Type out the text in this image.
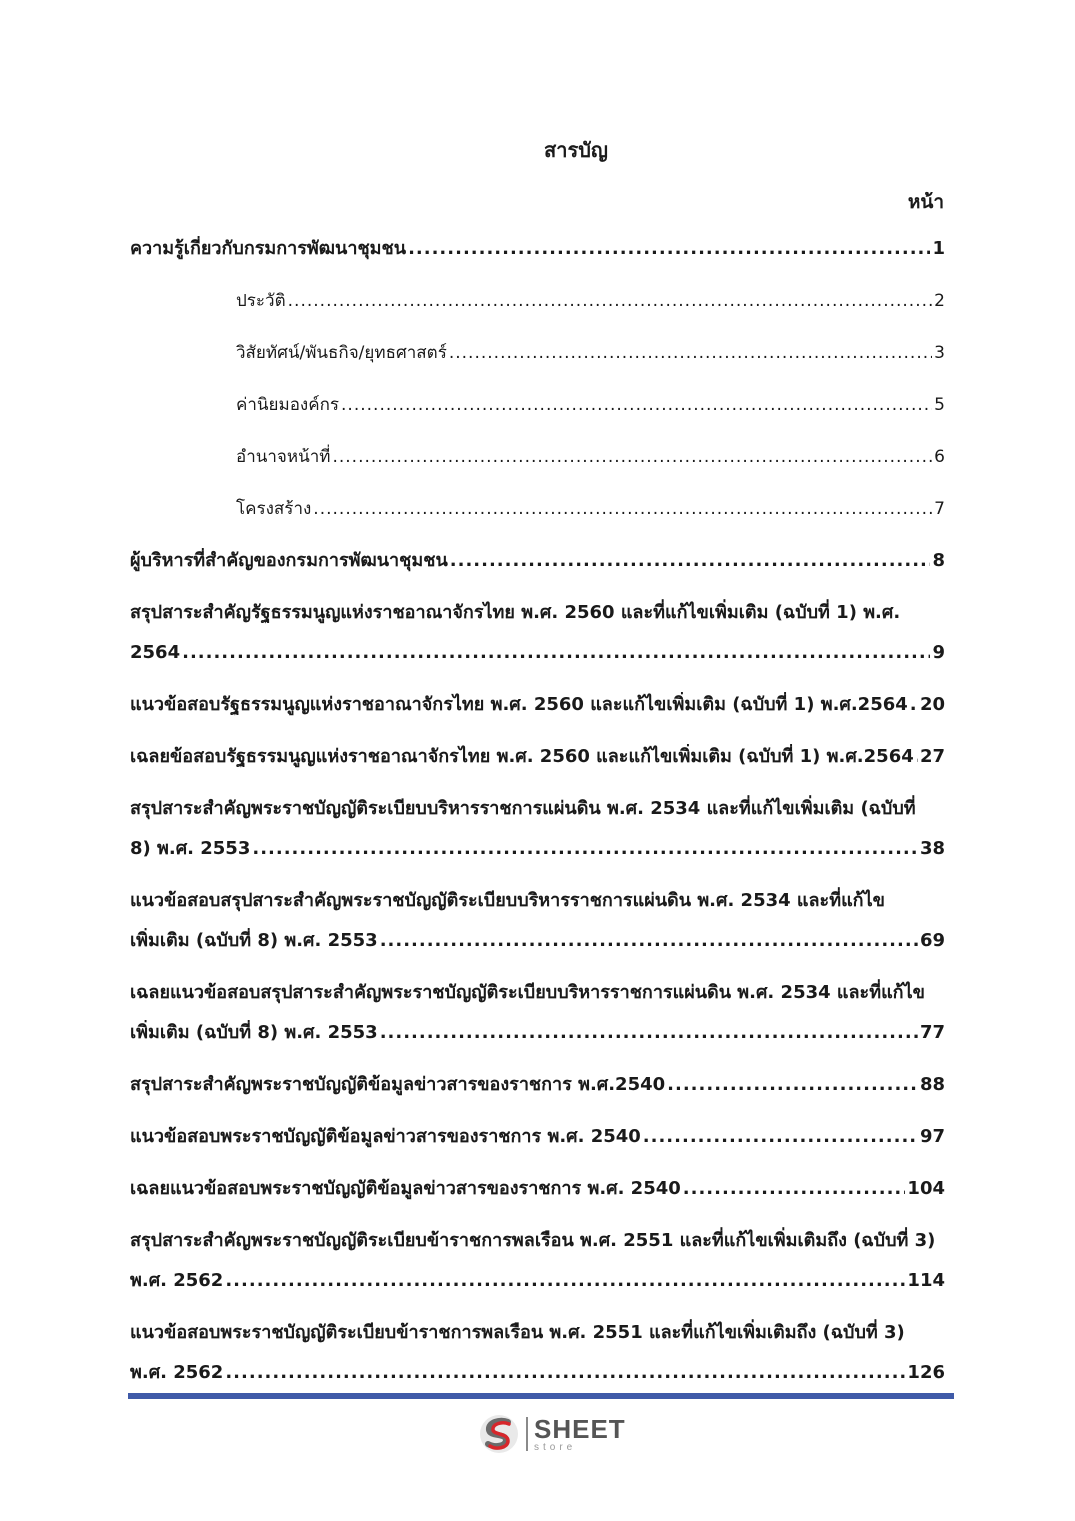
สารบัญ
หน้า
ความรู้เกี่ยวกับกรมการพัฒนาชุมชน .....	1
ประวัติ .....	2
วิสัยทัศน์/พันธกิจ/ยุทธศาสตร์ .....	3
ค่านิยมองค์กร .....	5
อำนาจหน้าที่ .....	6
โครงสร้าง .....	7
ผู้บริหารที่สำคัญของกรมการพัฒนาชุมชน .....	8
สรุปสาระสำคัญรัฐธรรมนูญแห่งราชอาณาจักรไทย พ.ศ. 2560 และที่แก้ไขเพิ่มเติม (ฉบับที่ 1) พ.ศ.
2564 .....	9
แนวข้อสอบรัฐธรรมนูญแห่งราชอาณาจักรไทย พ.ศ. 2560 และแก้ไขเพิ่มเติม (ฉบับที่ 1) พ.ศ.2564 ..... 20
เฉลยข้อสอบรัฐธรรมนูญแห่งราชอาณาจักรไทย พ.ศ. 2560 และแก้ไขเพิ่มเติม (ฉบับที่ 1) พ.ศ.2564 ..... 27
สรุปสาระสำคัญพระราชบัญญัติระเบียบบริหารราชการแผ่นดิน พ.ศ. 2534 และที่แก้ไขเพิ่มเติม (ฉบับที่
8) พ.ศ. 2553 .....	38
แนวข้อสอบสรุปสาระสำคัญพระราชบัญญัติระเบียบบริหารราชการแผ่นดิน พ.ศ. 2534 และที่แก้ไข
เพิ่มเติม (ฉบับที่ 8) พ.ศ. 2553 .....	69
เฉลยแนวข้อสอบสรุปสาระสำคัญพระราชบัญญัติระเบียบบริหารราชการแผ่นดิน พ.ศ. 2534 และที่แก้ไข
เพิ่มเติม (ฉบับที่ 8) พ.ศ. 2553 .....	77
สรุปสาระสำคัญพระราชบัญญัติข้อมูลข่าวสารของราชการ พ.ศ.2540 .....	88
แนวข้อสอบพระราชบัญญัติข้อมูลข่าวสารของราชการ พ.ศ. 2540 .....	97
เฉลยแนวข้อสอบพระราชบัญญัติข้อมูลข่าวสารของราชการ พ.ศ. 2540 .....	104
สรุปสาระสำคัญพระราชบัญญัติระเบียบข้าราชการพลเรือน พ.ศ. 2551 และที่แก้ไขเพิ่มเติมถึง (ฉบับที่ 3)
พ.ศ. 2562 .....	114
แนวข้อสอบพระราชบัญญัติระเบียบข้าราชการพลเรือน พ.ศ. 2551 และที่แก้ไขเพิ่มเติมถึง (ฉบับที่ 3)
พ.ศ. 2562 .....	126
SHEET
store
